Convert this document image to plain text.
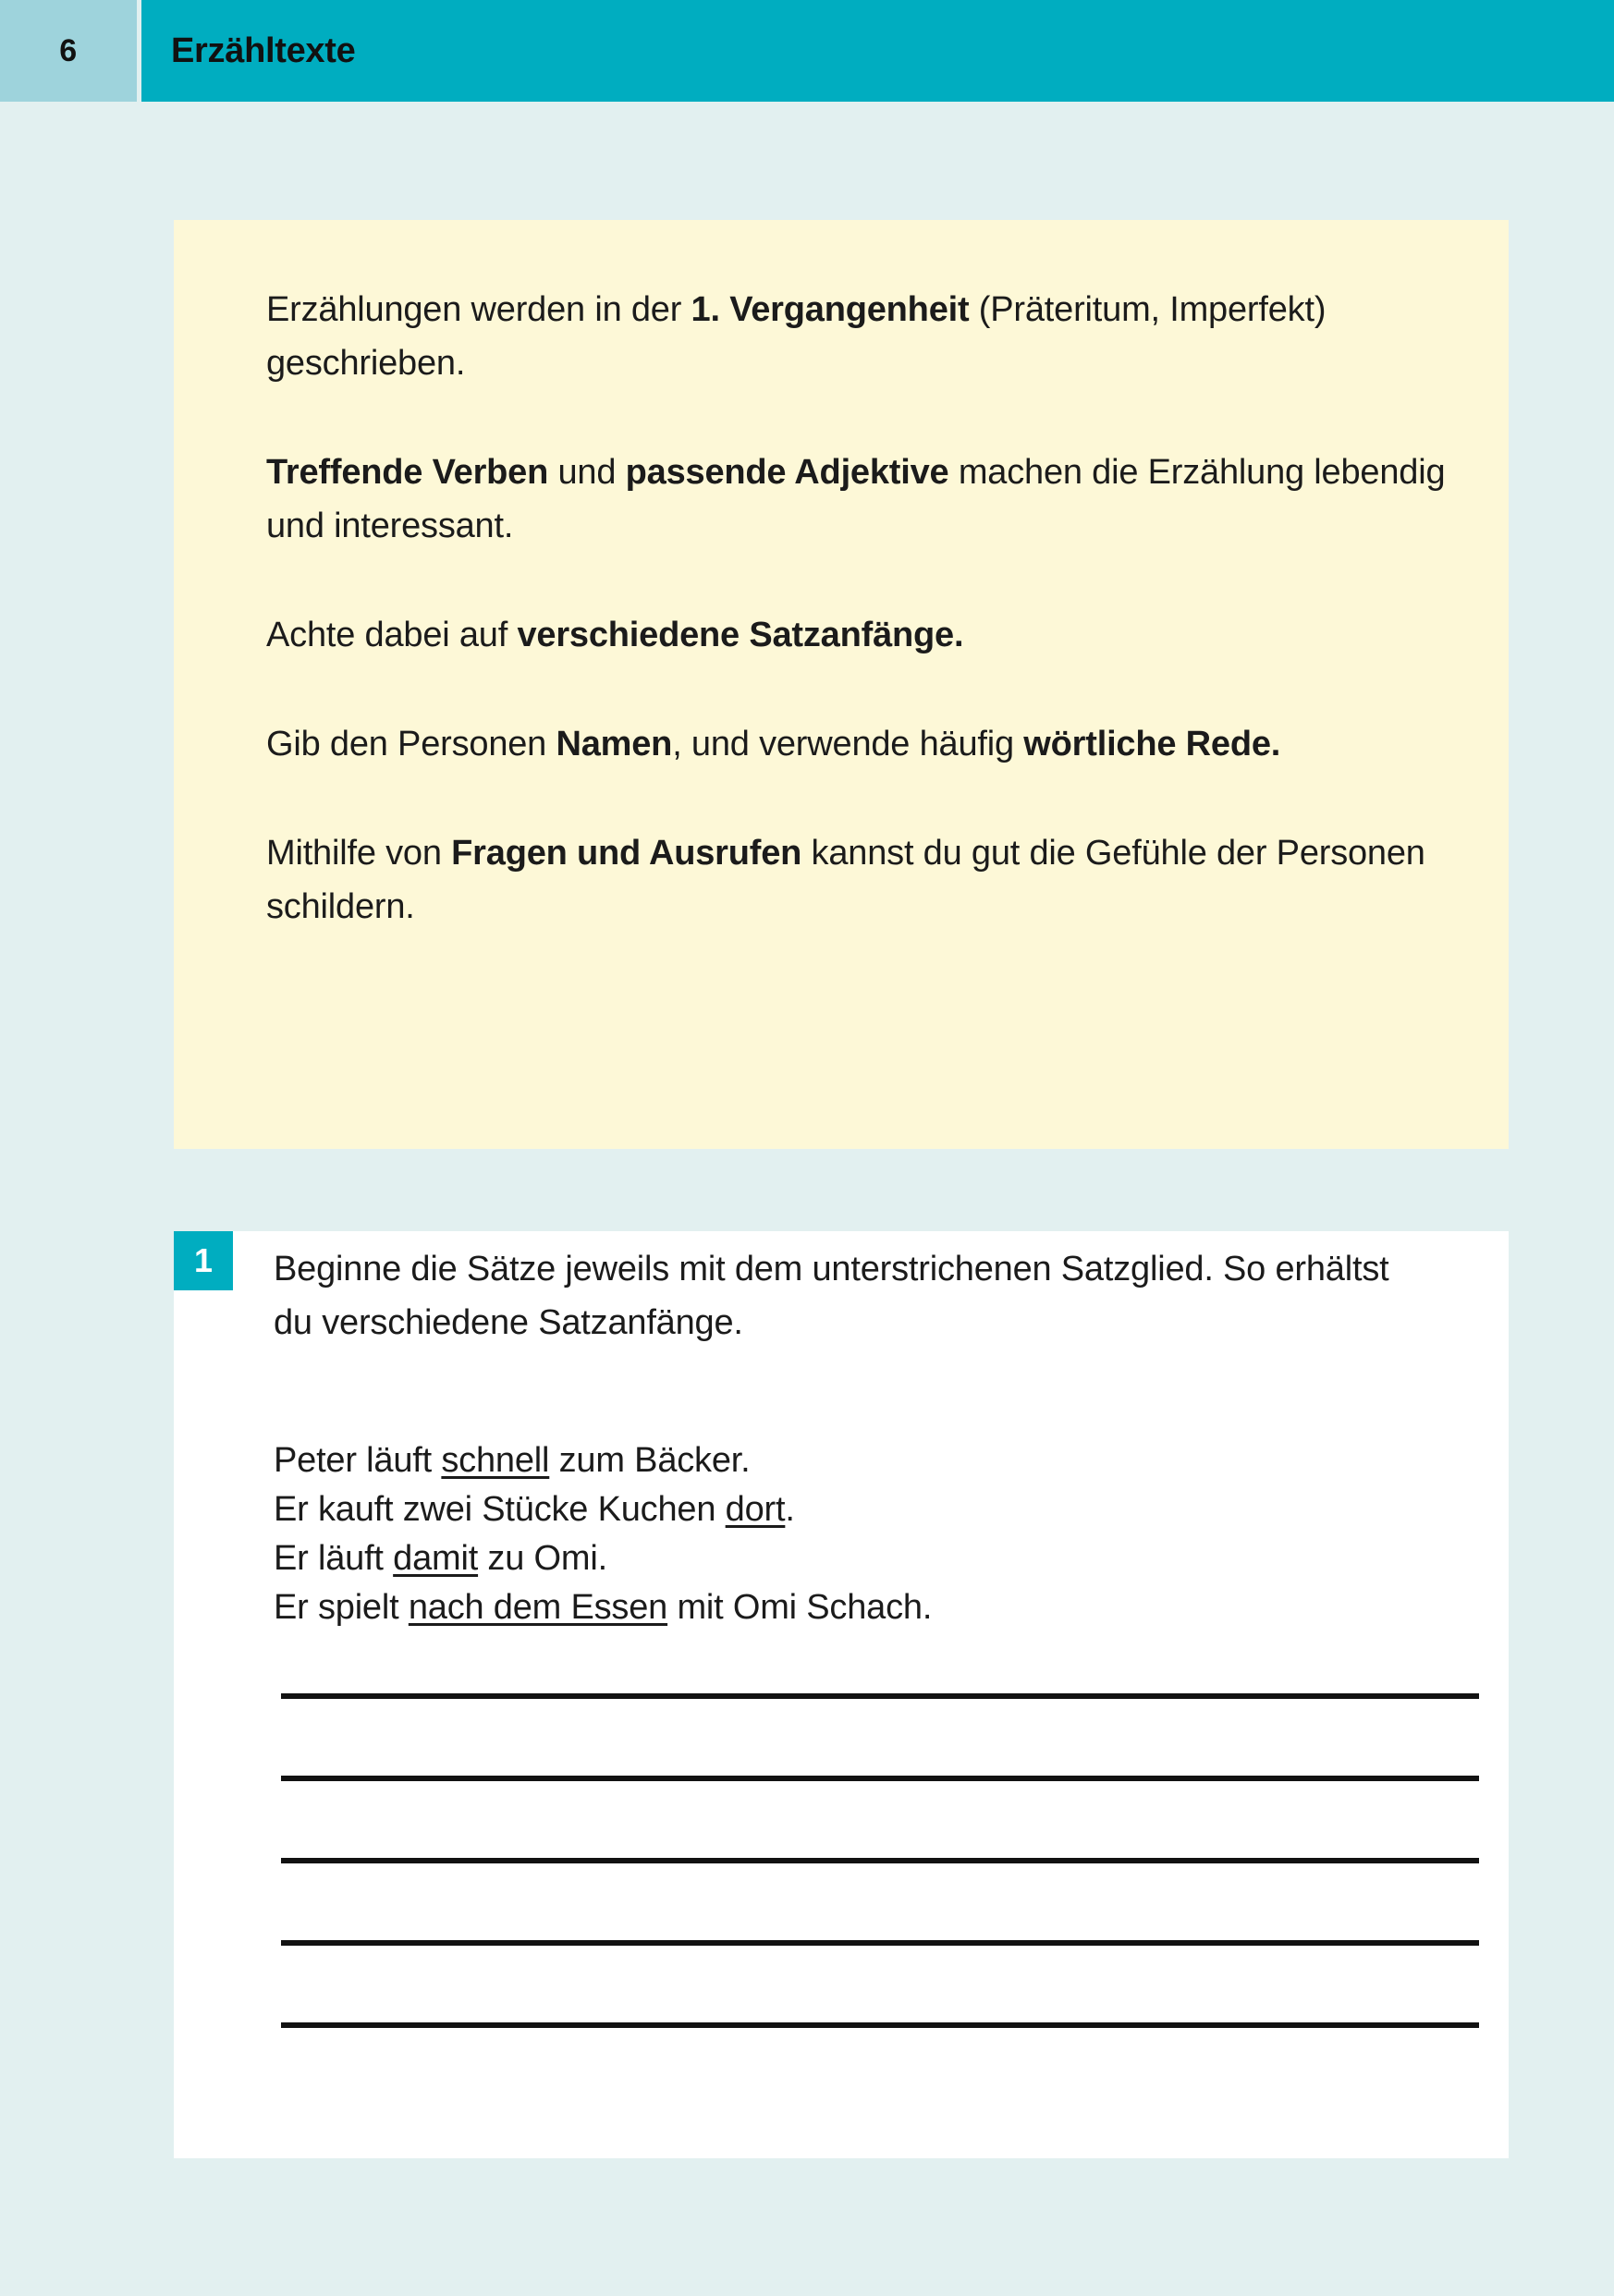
6	Erzähltexte

Erzählungen werden in der 1. Vergangenheit (Präteritum, Imperfekt) geschrieben.

Treffende Verben und passende Adjektive machen die Erzählung lebendig und interessant.

Achte dabei auf verschiedene Satzanfänge.

Gib den Personen Namen, und verwende häufig wörtliche Rede.

Mithilfe von Fragen und Ausrufen kannst du gut die Gefühle der Personen schildern.

1 Beginne die Sätze jeweils mit dem unterstrichenen Satzglied. So erhältst du verschiedene Satzanfänge.
Peter läuft schnell zum Bäcker.
Er kauft zwei Stücke Kuchen dort.
Er läuft damit zu Omi.
Er spielt nach dem Essen mit Omi Schach.
